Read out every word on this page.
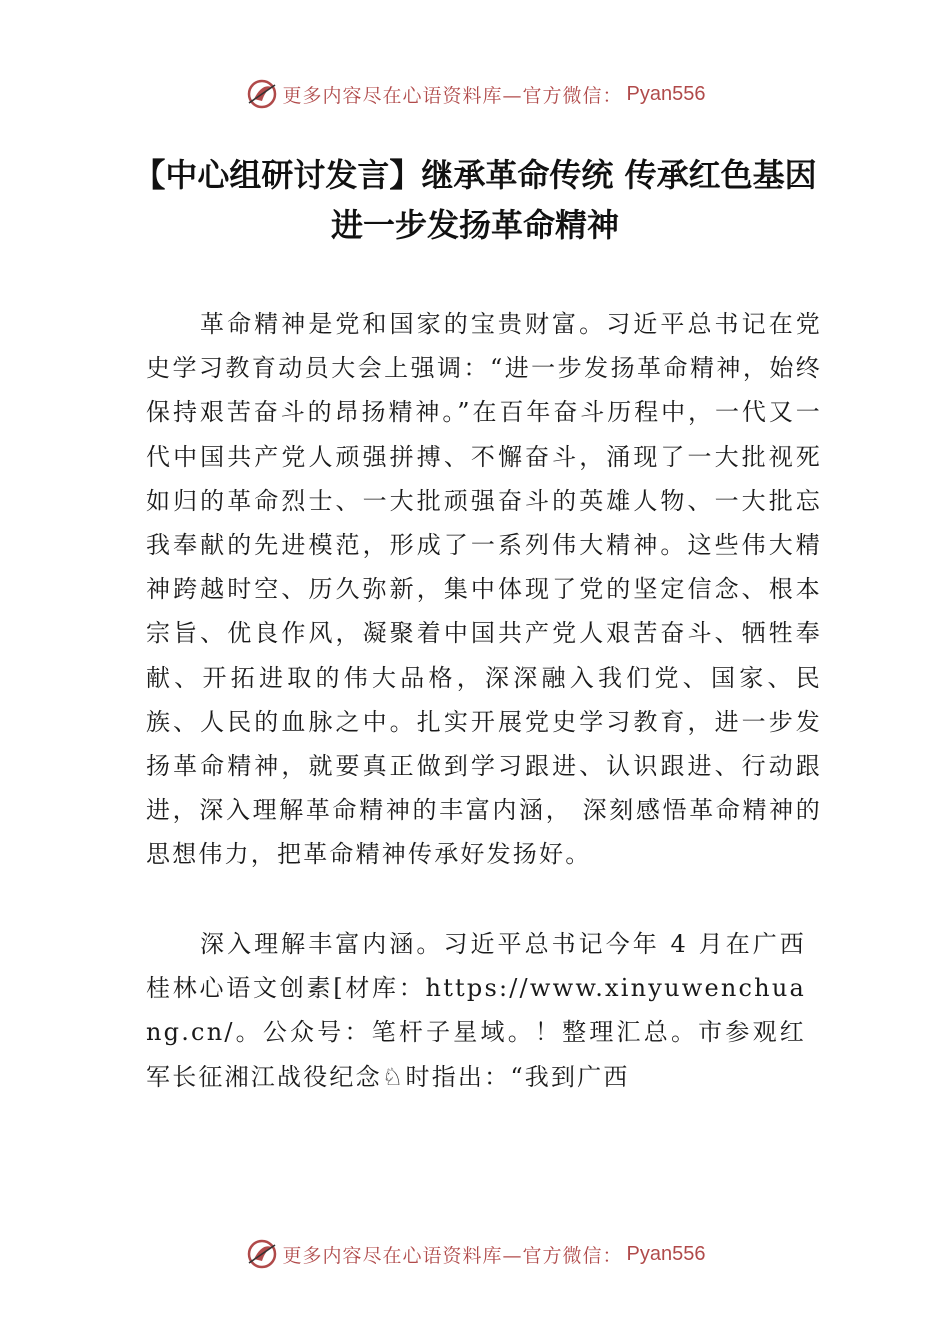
更多内容尽在心语资料库—官方微信： Pyan556
【中心组研讨发言】继承革命传统 传承红色基因进一步发扬革命精神

革命精神是党和国家的宝贵财富。习近平总书记在党史学习教育动员大会上强调：“进一步发扬革命精神，始终保持艰苦奋斗的昂扬精神。”在百年奋斗历程中，一代又一代中国共产党人顽强拼搏、不懈奋斗，涌现了一大批视死如归的革命烈士、一大批顽强奋斗的英雄人物、一大批忘我奉献的先进模范，形成了一系列伟大精神。这些伟大精神跨越时空、历久弥新，集中体现了党的坚定信念、根本宗旨、优良作风，凝聚着中国共产党人艰苦奋斗、牺牲奉献、开拓进取的伟大品格，深深融入我们党、国家、民族、人民的血脉之中。扎实开展党史学习教育，进一步发扬革命精神，就要真正做到学习跟进、认识跟进、行动跟进，深入理解革命精神的丰富内涵， 深刻感悟革命精神的思想伟力，把革命精神传承好发扬好。

深入理解丰富内涵。习近平总书记今年 4 月在广西桂林心语文创素[材库：https://www.xinyuwenchuang.cn/。公众号：笔杆子星域。！整理汇总。市参观红军长征湘江战役纪念♘时指出：“我到广西

更多内容尽在心语资料库—官方微信： Pyan556
